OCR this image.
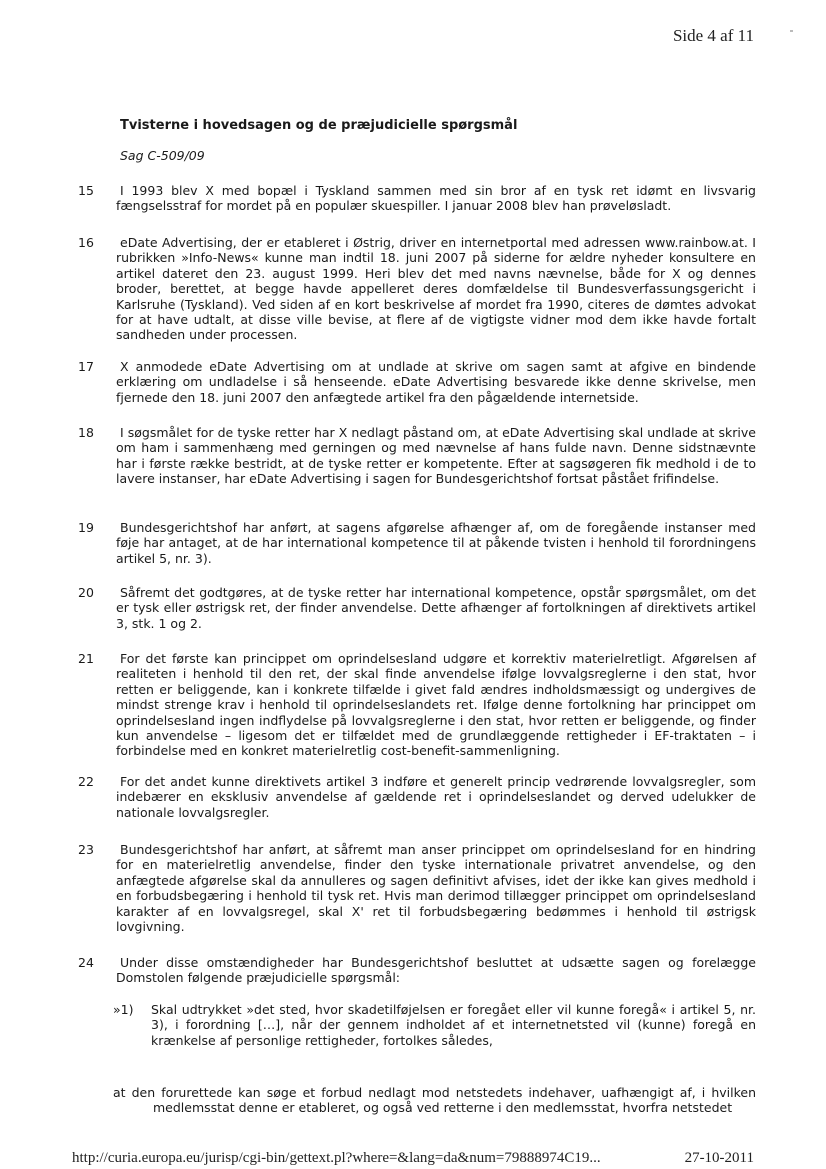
Side 4 af 11
Tvisterne i hovedsagen og de præjudicielle spørgsmål
Sag C-509/09
15	I 1993 blev X med bopæl i Tyskland sammen med sin bror af en tysk ret idømt en livsvarig fængselsstraf for mordet på en populær skuespiller. I januar 2008 blev han prøveløsladt.
16	eDate Advertising, der er etableret i Østrig, driver en internetportal med adressen www.rainbow.at. I rubrikken »Info-News« kunne man indtil 18. juni 2007 på siderne for ældre nyheder konsultere en artikel dateret den 23. august 1999. Heri blev det med navns nævnelse, både for X og dennes broder, berettet, at begge havde appelleret deres domfældelse til Bundesverfassungsgericht i Karlsruhe (Tyskland). Ved siden af en kort beskrivelse af mordet fra 1990, citeres de dømtes advokat for at have udtalt, at disse ville bevise, at flere af de vigtigste vidner mod dem ikke havde fortalt sandheden under processen.
17	X anmodede eDate Advertising om at undlade at skrive om sagen samt at afgive en bindende erklæring om undladelse i så henseende. eDate Advertising besvarede ikke denne skrivelse, men fjernede den 18. juni 2007 den anfægtede artikel fra den pågældende internetside.
18	I søgsmålet for de tyske retter har X nedlagt påstand om, at eDate Advertising skal undlade at skrive om ham i sammenhæng med gerningen og med nævnelse af hans fulde navn. Denne sidstnævnte har i første række bestridt, at de tyske retter er kompetente. Efter at sagsøgeren fik medhold i de to lavere instanser, har eDate Advertising i sagen for Bundesgerichtshof fortsat påstået frifindelse.
19	Bundesgerichtshof har anført, at sagens afgørelse afhænger af, om de foregående instanser med føje har antaget, at de har international kompetence til at påkende tvisten i henhold til forordningens artikel 5, nr. 3).
20	Såfremt det godtgøres, at de tyske retter har international kompetence, opstår spørgsmålet, om det er tysk eller østrigsk ret, der finder anvendelse. Dette afhænger af fortolkningen af direktivets artikel 3, stk. 1 og 2.
21	For det første kan princippet om oprindelsesland udgøre et korrektiv materielretligt. Afgørelsen af realiteten i henhold til den ret, der skal finde anvendelse ifølge lovvalgsreglerne i den stat, hvor retten er beliggende, kan i konkrete tilfælde i givet fald ændres indholdsmæssigt og undergives de mindst strenge krav i henhold til oprindelseslandets ret. Ifølge denne fortolkning har princippet om oprindelsesland ingen indflydelse på lovvalgsreglerne i den stat, hvor retten er beliggende, og finder kun anvendelse – ligesom det er tilfældet med de grundlæggende rettigheder i EF-traktaten – i forbindelse med en konkret materielretlig cost-benefit-sammenligning.
22	For det andet kunne direktivets artikel 3 indføre et generelt princip vedrørende lovvalgsregler, som indebærer en eksklusiv anvendelse af gældende ret i oprindelseslandet og derved udelukker de nationale lovvalgsregler.
23	Bundesgerichtshof har anført, at såfremt man anser princippet om oprindelsesland for en hindring for en materielretlig anvendelse, finder den tyske internationale privatret anvendelse, og den anfægtede afgørelse skal da annulleres og sagen definitivt afvises, idet der ikke kan gives medhold i en forbudsbegæring i henhold til tysk ret. Hvis man derimod tillægger princippet om oprindelsesland karakter af en lovvalgsregel, skal X' ret til forbudsbegæring bedømmes i henhold til østrigsk lovgivning.
24	Under disse omstændigheder har Bundesgerichtshof besluttet at udsætte sagen og forelægge Domstolen følgende præjudicielle spørgsmål:
»1) Skal udtrykket »det sted, hvor skadetilføjelsen er foregået eller vil kunne foregå« i artikel 5, nr. 3), i forordning […], når der gennem indholdet af et internetnetsted vil (kunne) foregå en krænkelse af personlige rettigheder, fortolkes således,
at den forurettede kan søge et forbud nedlagt mod netstedets indehaver, uafhængigt af, i hvilken medlemsstat denne er etableret, og også ved retterne i den medlemsstat, hvorfra netstedet
http://curia.europa.eu/jurisp/cgi-bin/gettext.pl?where=&lang=da&num=79888974C19...	27-10-2011
